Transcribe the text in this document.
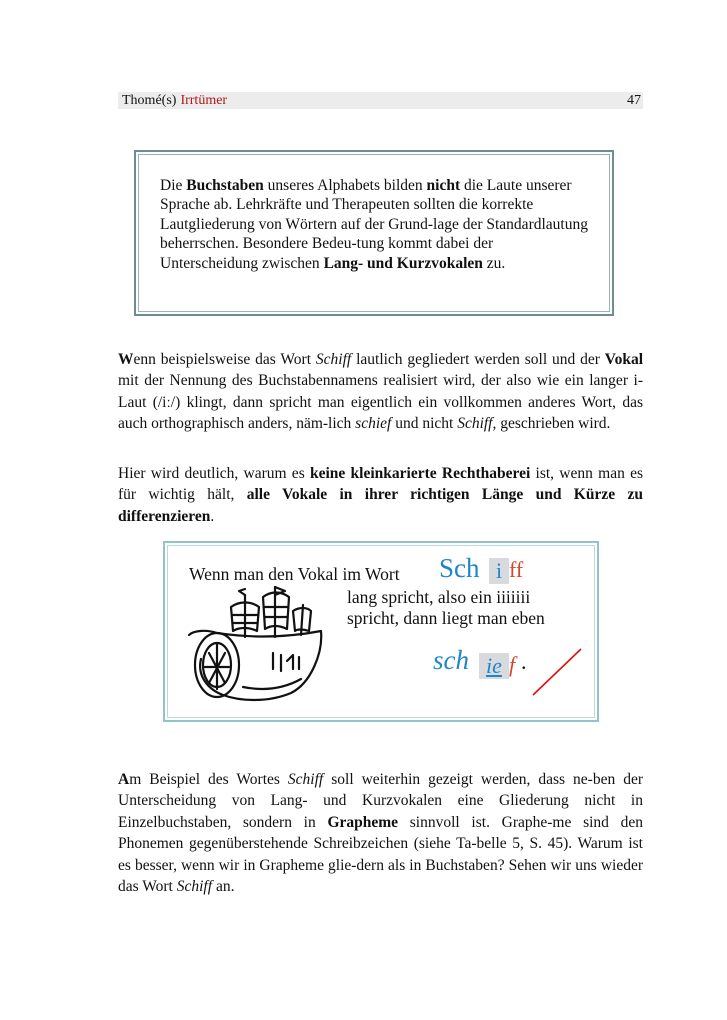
Thomé(s) Irrtümer	47
Die Buchstaben unseres Alphabets bilden nicht die Laute unserer Sprache ab. Lehrkräfte und Therapeuten sollten die korrekte Lautgliederung von Wörtern auf der Grund-lage der Standardlautung beherrschen. Besondere Bedeu-tung kommt dabei der Unterscheidung zwischen Lang- und Kurzvokalen zu.
Wenn beispielsweise das Wort Schiff lautlich gegliedert werden soll und der Vokal mit der Nennung des Buchstabennamens realisiert wird, der also wie ein langer i-Laut (/iː/) klingt, dann spricht man eigentlich ein vollkommen anderes Wort, das auch orthographisch anders, näm-lich schief und nicht Schiff, geschrieben wird.
Hier wird deutlich, warum es keine kleinkarierte Rechthaberei ist, wenn man es für wichtig hält, alle Vokale in ihrer richtigen Länge und Kürze zu differenzieren.
Wenn man den Vokal im Wort Sch i ff
lang spricht, also ein iiiiiii
spricht, dann liegt man eben
sch ie f .
Am Beispiel des Wortes Schiff soll weiterhin gezeigt werden, dass ne-ben der Unterscheidung von Lang- und Kurzvokalen eine Gliederung nicht in Einzelbuchstaben, sondern in Grapheme sinnvoll ist. Graphe-me sind den Phonemen gegenüberstehende Schreibzeichen (siehe Ta-belle 5, S. 45). Warum ist es besser, wenn wir in Grapheme glie-dern als in Buchstaben? Sehen wir uns wieder das Wort Schiff an.
